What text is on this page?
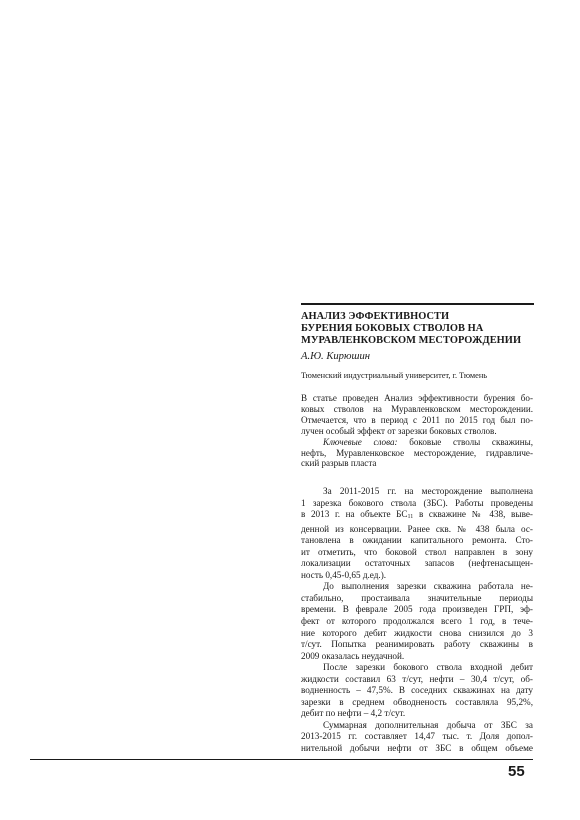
АНАЛИЗ ЭФФЕКТИВНОСТИ
БУРЕНИЯ БОКОВЫХ СТВОЛОВ НА
МУРАВЛЕНКОВСКОМ МЕСТОРОЖДЕНИИ
А.Ю. Кирюшин
Тюменский индустриальный университет, г. Тюмень
В статье проведен Анализ эффективности бурения бо-
ковых стволов на Муравленковском месторождении.
Отмечается, что в период с 2011 по 2015 год был по-
лучен особый эффект от зарезки боковых стволов.
Ключевые слова: боковые стволы скважины,
нефть, Муравленковское месторождение, гидравличе-
ский разрыв пласта
За 2011-2015 гг. на месторождение выполнена
1 зарезка бокового ствола (ЗБС). Работы проведены
в 2013 г. на объекте $БС_{11}$ в скважине № 438, выве-
денной из консервации. Ранее скв. № 438 была ос-
тановлена в ожидании капитального ремонта. Сто-
ит отметить, что боковой ствол направлен в зону
локализации остаточных запасов (нефтенасыщен-
ность 0,45-0,65 д.ед.).
До выполнения зарезки скважина работала не-
стабильно, простаивала значительные периоды
времени. В феврале 2005 года произведен ГРП, эф-
фект от которого продолжался всего 1 год, в тече-
ние которого дебит жидкости снова снизился до 3
т/сут. Попытка реанимировать работу скважины в
2009 оказалась неудачной.
После зарезки бокового ствола входной дебит
жидкости составил 63 т/сут, нефти – 30,4 т/сут, об-
водненность – 47,5%. В соседних скважинах на дату
зарезки в среднем обводненость составляла 95,2%,
дебит по нефти – 4,2 т/сут.
Суммарная дополнительная добыча от ЗБС за
2013-2015 гг. составляет 14,47 тыс. т. Доля допол-
нительной добычи нефти от ЗБС в общем объеме
55
